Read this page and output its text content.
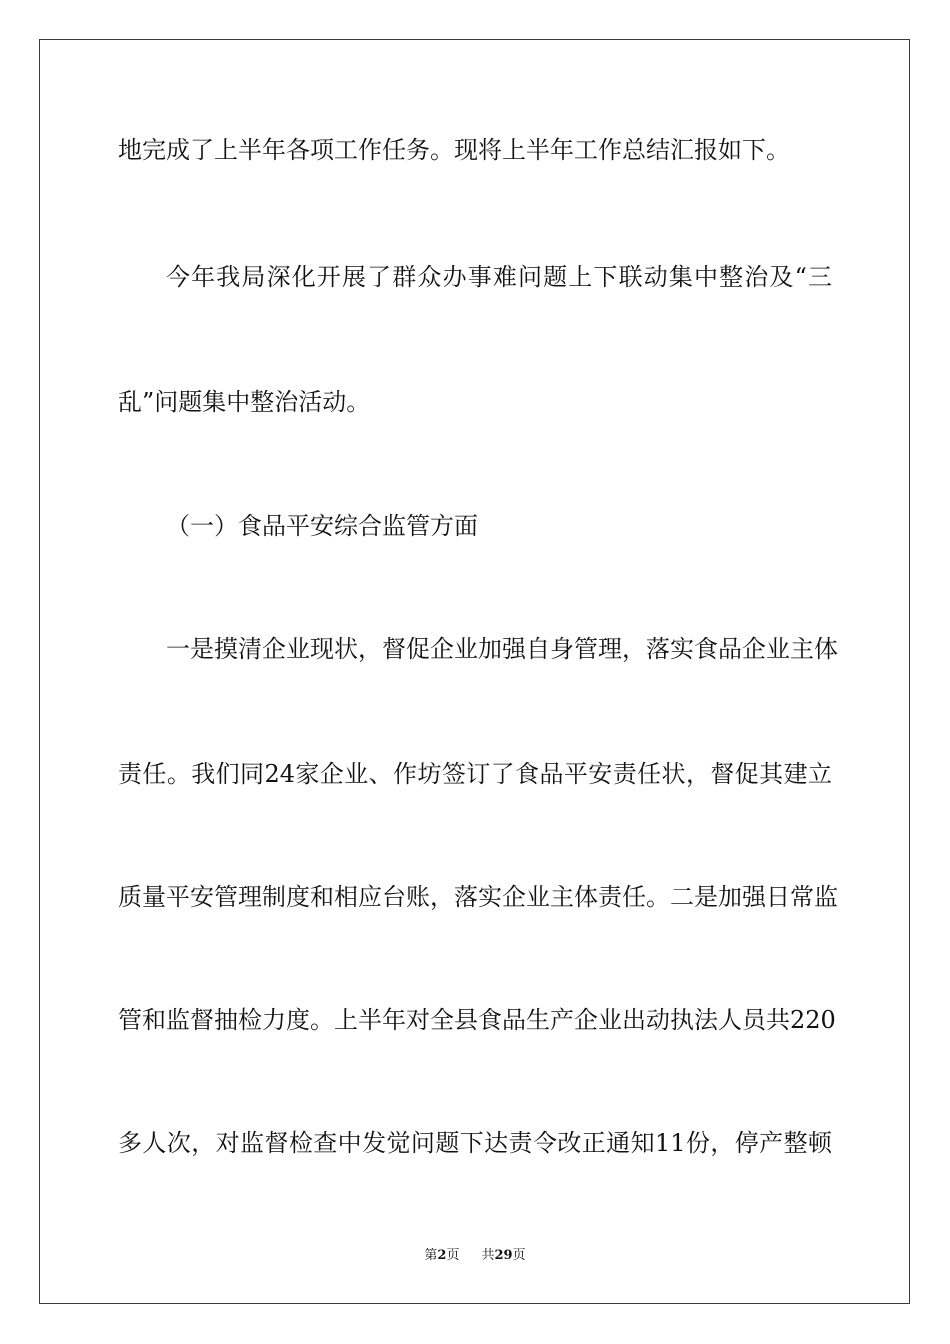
地完成了上半年各项工作任务。现将上半年工作总结汇报如下。
今年我局深化开展了群众办事难问题上下联动集中整治及“三
乱”问题集中整治活动。
（一）食品平安综合监管方面
一是摸清企业现状，督促企业加强自身管理，落实食品企业主体
责任。我们同24家企业、作坊签订了食品平安责任状，督促其建立
质量平安管理制度和相应台账，落实企业主体责任。二是加强日常监
管和监督抽检力度。上半年对全县食品生产企业出动执法人员共220
多人次，对监督检查中发觉问题下达责令改正通知11份，停产整顿
第2页 共29页
